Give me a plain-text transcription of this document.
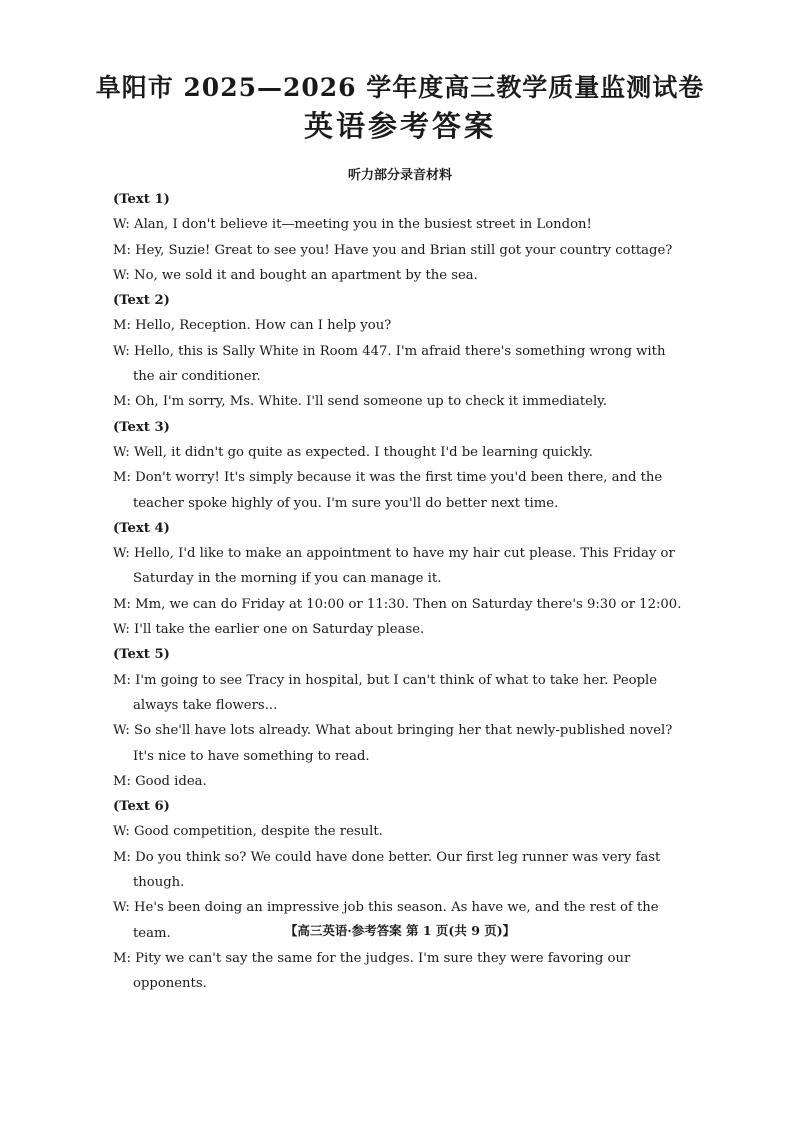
阜阳市 2025—2026 学年度高三教学质量监测试卷
英语参考答案
听力部分录音材料
(Text 1)
W: Alan, I don't believe it—meeting you in the busiest street in London!
M: Hey, Suzie! Great to see you! Have you and Brian still got your country cottage?
W: No, we sold it and bought an apartment by the sea.
(Text 2)
M: Hello, Reception. How can I help you?
W: Hello, this is Sally White in Room 447. I'm afraid there's something wrong with the air conditioner.
M: Oh, I'm sorry, Ms. White. I'll send someone up to check it immediately.
(Text 3)
W: Well, it didn't go quite as expected. I thought I'd be learning quickly.
M: Don't worry! It's simply because it was the first time you'd been there, and the teacher spoke highly of you. I'm sure you'll do better next time.
(Text 4)
W: Hello, I'd like to make an appointment to have my hair cut please. This Friday or Saturday in the morning if you can manage it.
M: Mm, we can do Friday at 10:00 or 11:30. Then on Saturday there's 9:30 or 12:00.
W: I'll take the earlier one on Saturday please.
(Text 5)
M: I'm going to see Tracy in hospital, but I can't think of what to take her. People always take flowers...
W: So she'll have lots already. What about bringing her that newly-published novel? It's nice to have something to read.
M: Good idea.
(Text 6)
W: Good competition, despite the result.
M: Do you think so? We could have done better. Our first leg runner was very fast though.
W: He's been doing an impressive job this season. As have we, and the rest of the team.
M: Pity we can't say the same for the judges. I'm sure they were favoring our opponents.
【高三英语·参考答案 第 1 页(共 9 页)】
